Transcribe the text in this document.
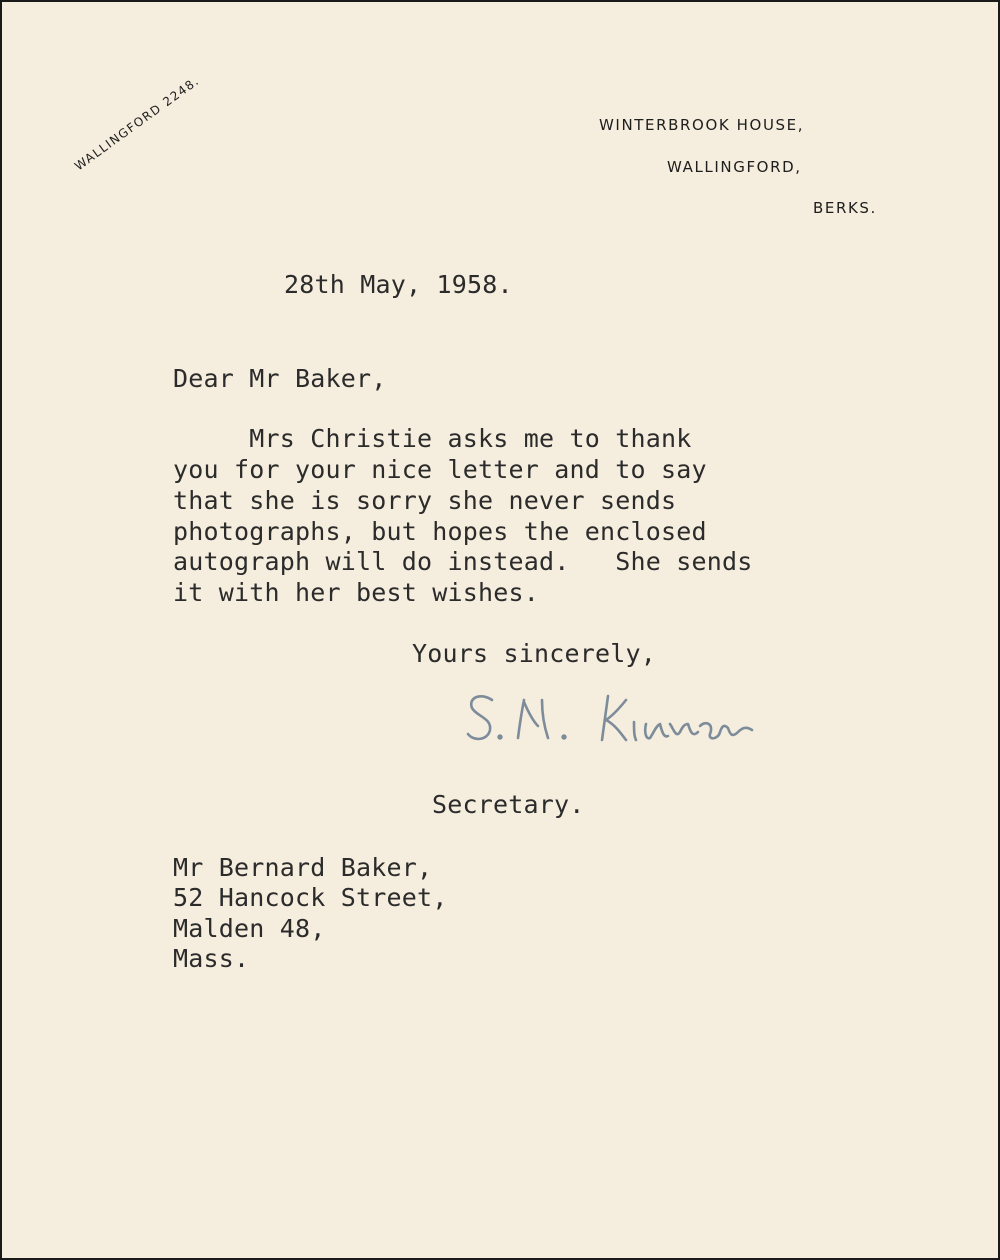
WALLINGFORD 2248.	WINTERBROOK HOUSE,
WALLINGFORD,
BERKS.
28th May, 1958.
Dear Mr Baker,
Mrs Christie asks me to thank
you for your nice letter and to say
that she is sorry she never sends
photographs, but hopes the enclosed
autograph will do instead.   She sends
it with her best wishes.
Yours sincerely,
Secretary.
Mr Bernard Baker,
52 Hancock Street,
Malden 48,
Mass.
